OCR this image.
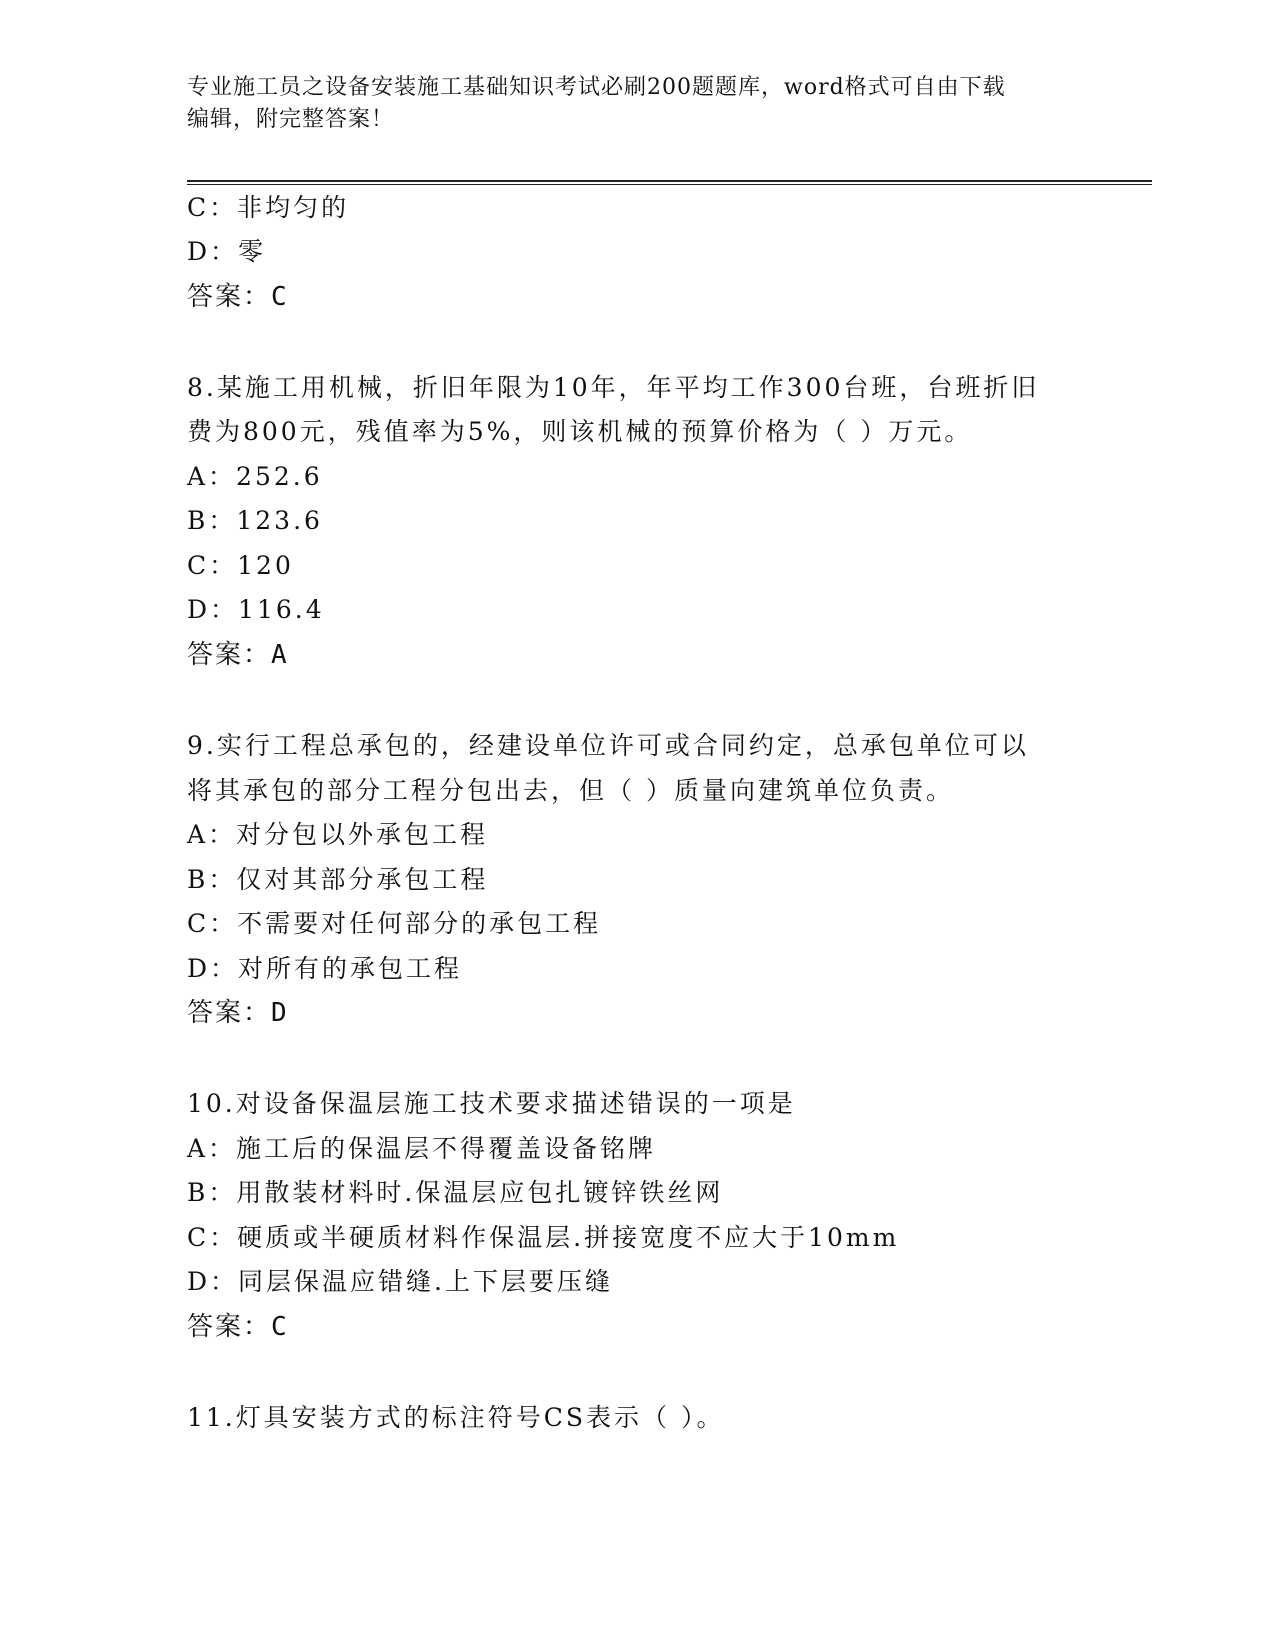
专业施工员之设备安装施工基础知识考试必刷200题题库，word格式可自由下载
编辑，附完整答案！
C：非均匀的
D：零
答案：C
8.某施工用机械，折旧年限为10年，年平均工作300台班，台班折旧
费为800元，残值率为5%，则该机械的预算价格为（ ）万元。
A：252.6
B：123.6
C：120
D：116.4
答案：A
9.实行工程总承包的，经建设单位许可或合同约定，总承包单位可以
将其承包的部分工程分包出去，但（ ）质量向建筑单位负责。
A：对分包以外承包工程
B：仅对其部分承包工程
C：不需要对任何部分的承包工程
D：对所有的承包工程
答案：D
10.对设备保温层施工技术要求描述错误的一项是
A：施工后的保温层不得覆盖设备铭牌
B：用散装材料时.保温层应包扎镀锌铁丝网
C：硬质或半硬质材料作保温层.拼接宽度不应大于10mm
D：同层保温应错缝.上下层要压缝
答案：C
11.灯具安装方式的标注符号CS表示（ ）。
